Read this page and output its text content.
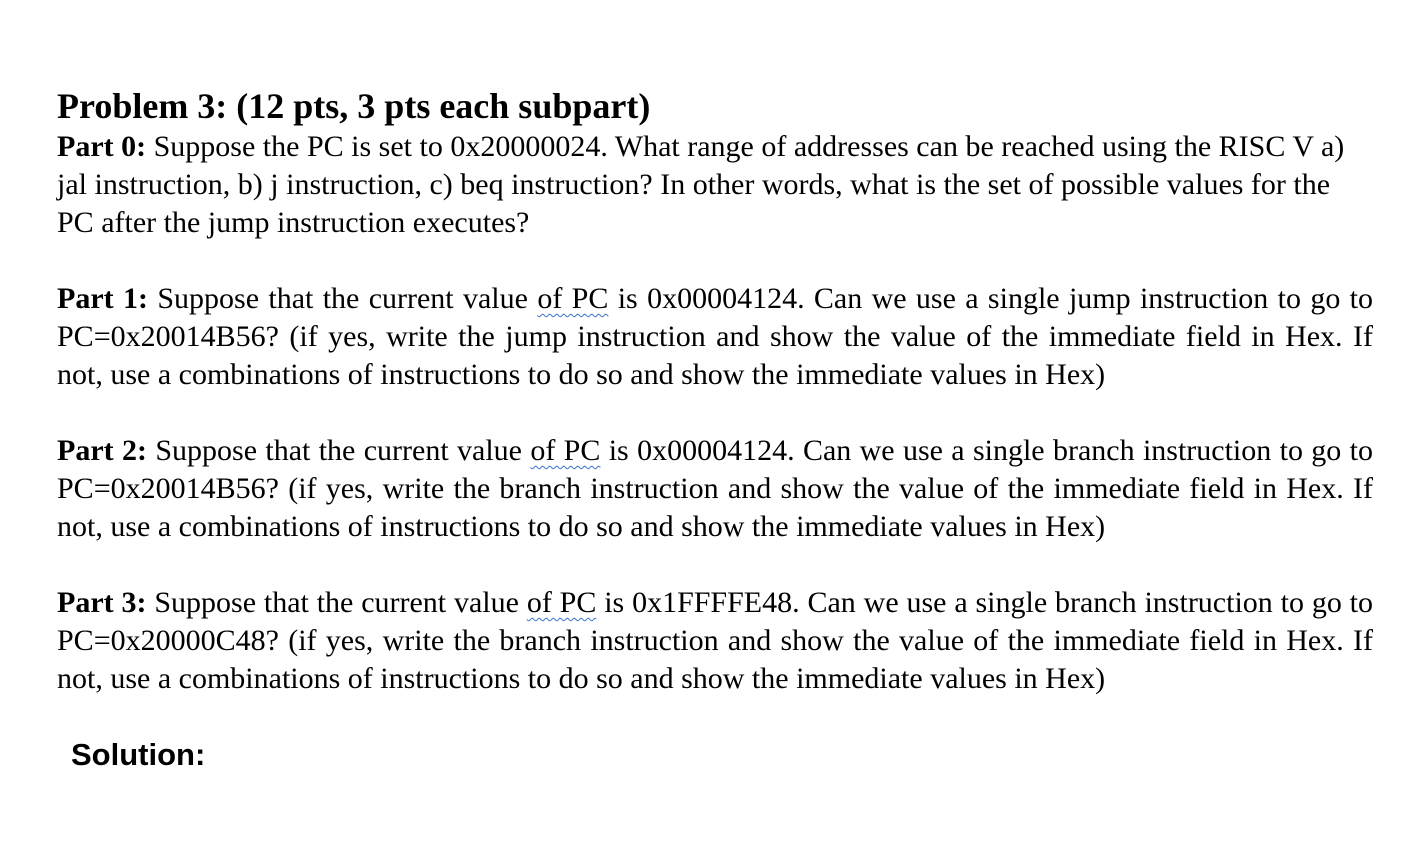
Problem 3: (12 pts, 3 pts each subpart)

Part 0: Suppose the PC is set to 0x20000024. What range of addresses can be reached using the RISC V a) jal instruction, b) j instruction, c) beq instruction? In other words, what is the set of possible values for the PC after the jump instruction executes?

Part 1: Suppose that the current value of PC is 0x00004124. Can we use a single jump instruction to go to PC=0x20014B56? (if yes, write the jump instruction and show the value of the immediate field in Hex. If not, use a combinations of instructions to do so and show the immediate values in Hex)

Part 2: Suppose that the current value of PC is 0x00004124. Can we use a single branch instruction to go to PC=0x20014B56? (if yes, write the branch instruction and show the value of the immediate field in Hex. If not, use a combinations of instructions to do so and show the immediate values in Hex)

Part 3: Suppose that the current value of PC is 0x1FFFFE48. Can we use a single branch instruction to go to PC=0x20000C48? (if yes, write the branch instruction and show the value of the immediate field in Hex. If not, use a combinations of instructions to do so and show the immediate values in Hex)

Solution:
